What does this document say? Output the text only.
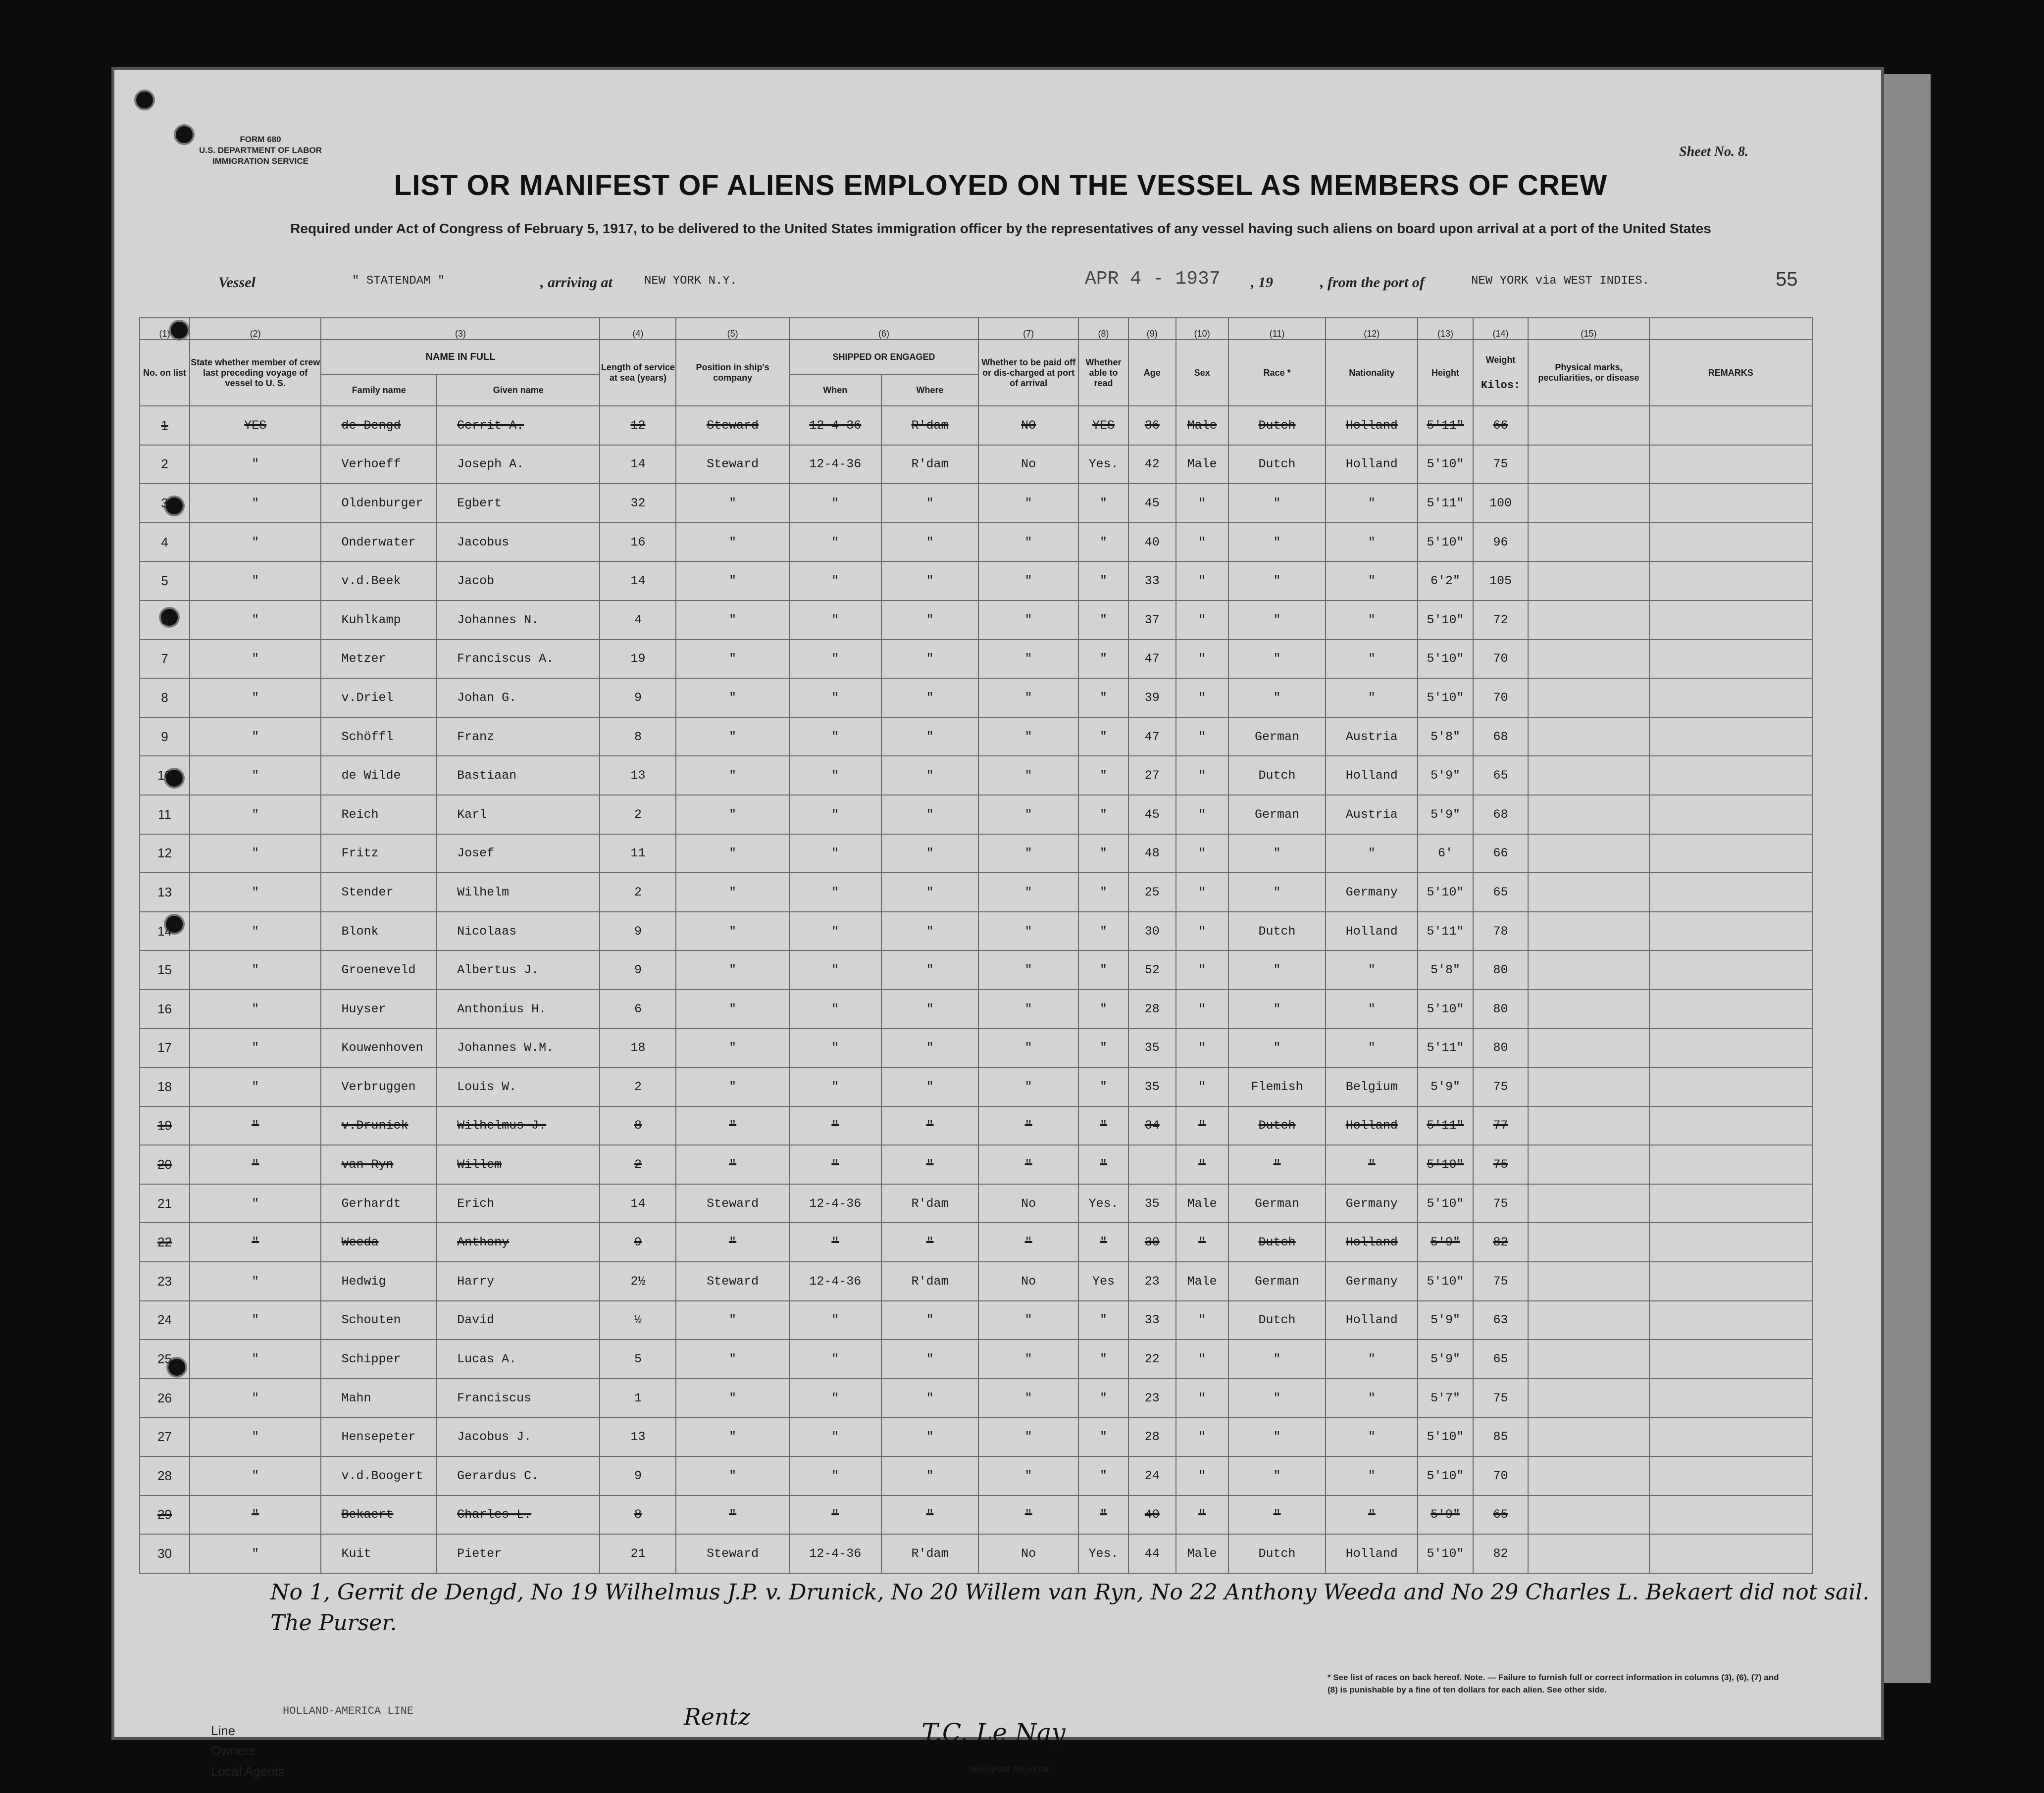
FORM 680
U.S. DEPARTMENT OF LABOR
IMMIGRATION SERVICE
Sheet No. 8.
LIST OR MANIFEST OF ALIENS EMPLOYED ON THE VESSEL AS MEMBERS OF CREW
Required under Act of Congress of February 5, 1917, to be delivered to the United States immigration officer by the representatives of any vessel having such aliens on board upon arrival at a port of the United States
Vessel	" STATENDAM "	, arriving at	NEW YORK N.Y.	APR 4 - 1937 , 19	, from the port of	NEW YORK via WEST INDIES.	55
(1)	(2)	(3)		(4)	(5)	(6)		(7)	(8)	(9)	(10)	(11)	(12)	(13)	(14)	(15)	
No. on list	State whether member of crew last preceding voyage of vessel to U. S.	NAME IN FULL		Length of service at sea (years)	Position in ship's company	SHIPPED OR ENGAGED		Whether to be paid off or dis-charged at port of arrival	Whether able to read	Age	Sex	Race *	Nationality	Height	Weight
Kilos:	Physical marks, peculiarities, or disease	REMARKS
		Family name	Given name			When	Where										
1	YES	de Dengd	Gerrit A.	12	Steward	12-4-36	R'dam	NO	YES	36	Male	Dutch	Holland	5'11"	66		
2	"	Verhoeff	Joseph A.	14	Steward	12-4-36	R'dam	No	Yes.	42	Male	Dutch	Holland	5'10"	75		
3	"	Oldenburger	Egbert	32	"	"	"	"	"	45	"	"	"	5'11"	100		
4	"	Onderwater	Jacobus	16	"	"	"	"	"	40	"	"	"	5'10"	96		
5	"	v.d.Beek	Jacob	14	"	"	"	"	"	33	"	"	"	6'2"	105		
6	"	Kuhlkamp	Johannes N.	4	"	"	"	"	"	37	"	"	"	5'10"	72		
7	"	Metzer	Franciscus A.	19	"	"	"	"	"	47	"	"	"	5'10"	70		
8	"	v.Driel	Johan G.	9	"	"	"	"	"	39	"	"	"	5'10"	70		
9	"	Schöffl	Franz	8	"	"	"	"	"	47	"	German	Austria	5'8"	68		
10	"	de Wilde	Bastiaan	13	"	"	"	"	"	27	"	Dutch	Holland	5'9"	65		
11	"	Reich	Karl	2	"	"	"	"	"	45	"	German	Austria	5'9"	68		
12	"	Fritz	Josef	11	"	"	"	"	"	48	"	"	"	6'	66		
13	"	Stender	Wilhelm	2	"	"	"	"	"	25	"	"	Germany	5'10"	65		
14	"	Blonk	Nicolaas	9	"	"	"	"	"	30	"	Dutch	Holland	5'11"	78		
15	"	Groeneveld	Albertus J.	9	"	"	"	"	"	52	"	"	"	5'8"	80		
16	"	Huyser	Anthonius H.	6	"	"	"	"	"	28	"	"	"	5'10"	80		
17	"	Kouwenhoven	Johannes W.M.	18	"	"	"	"	"	35	"	"	"	5'11"	80		
18	"	Verbruggen	Louis W.	2	"	"	"	"	"	35	"	Flemish	Belgium	5'9"	75		
19	"	v.Drunick	Wilhelmus J.	8	"	"	"	"	"	34	"	Dutch	Holland	5'11"	77		
20	"	van Ryn	Willem	2	"	"	"	"	"		"	"	"	5'10"	75		
21	"	Gerhardt	Erich	14	Steward	12-4-36	R'dam	No	Yes.	35	Male	German	Germany	5'10"	75		
22	"	Weeda	Anthony	9	"	"	"	"	"	30	"	Dutch	Holland	5'9"	82		
23	"	Hedwig	Harry	2½	Steward	12-4-36	R'dam	No	Yes	23	Male	German	Germany	5'10"	75		
24	"	Schouten	David	½	"	"	"	"	"	33	"	Dutch	Holland	5'9"	63		
25	"	Schipper	Lucas A.	5	"	"	"	"	"	22	"	"	"	5'9"	65		
26	"	Mahn	Franciscus	1	"	"	"	"	"	23	"	"	"	5'7"	75		
27	"	Hensepeter	Jacobus J.	13	"	"	"	"	"	28	"	"	"	5'10"	85		
28	"	v.d.Boogert	Gerardus C.	9	"	"	"	"	"	24	"	"	"	5'10"	70		
29	"	Bekaert	Charles L.	8	"	"	"	"	"	40	"	"	"	5'9"	65		
30	"	Kuit	Pieter	21	Steward	12-4-36	R'dam	No	Yes.	44	Male	Dutch	Holland	5'10"	82		
No 1, Gerrit de Dengd, No 19 Wilhelmus J.P. v. Drunick, No 20 Willem van Ryn, No 22 Anthony Weeda and No 29 Charles L. Bekaert did not sail. The Purser.
Line
HOLLAND-AMERICA LINE
Owners
Local Agents
Rentz
T.C. Le Nay
Immigrant Inspector.
* See list of races on back hereof. Note. — Failure to furnish full or correct information in columns (3), (6), (7) and (8) is punishable by a fine of ten dollars for each alien. See other side.
